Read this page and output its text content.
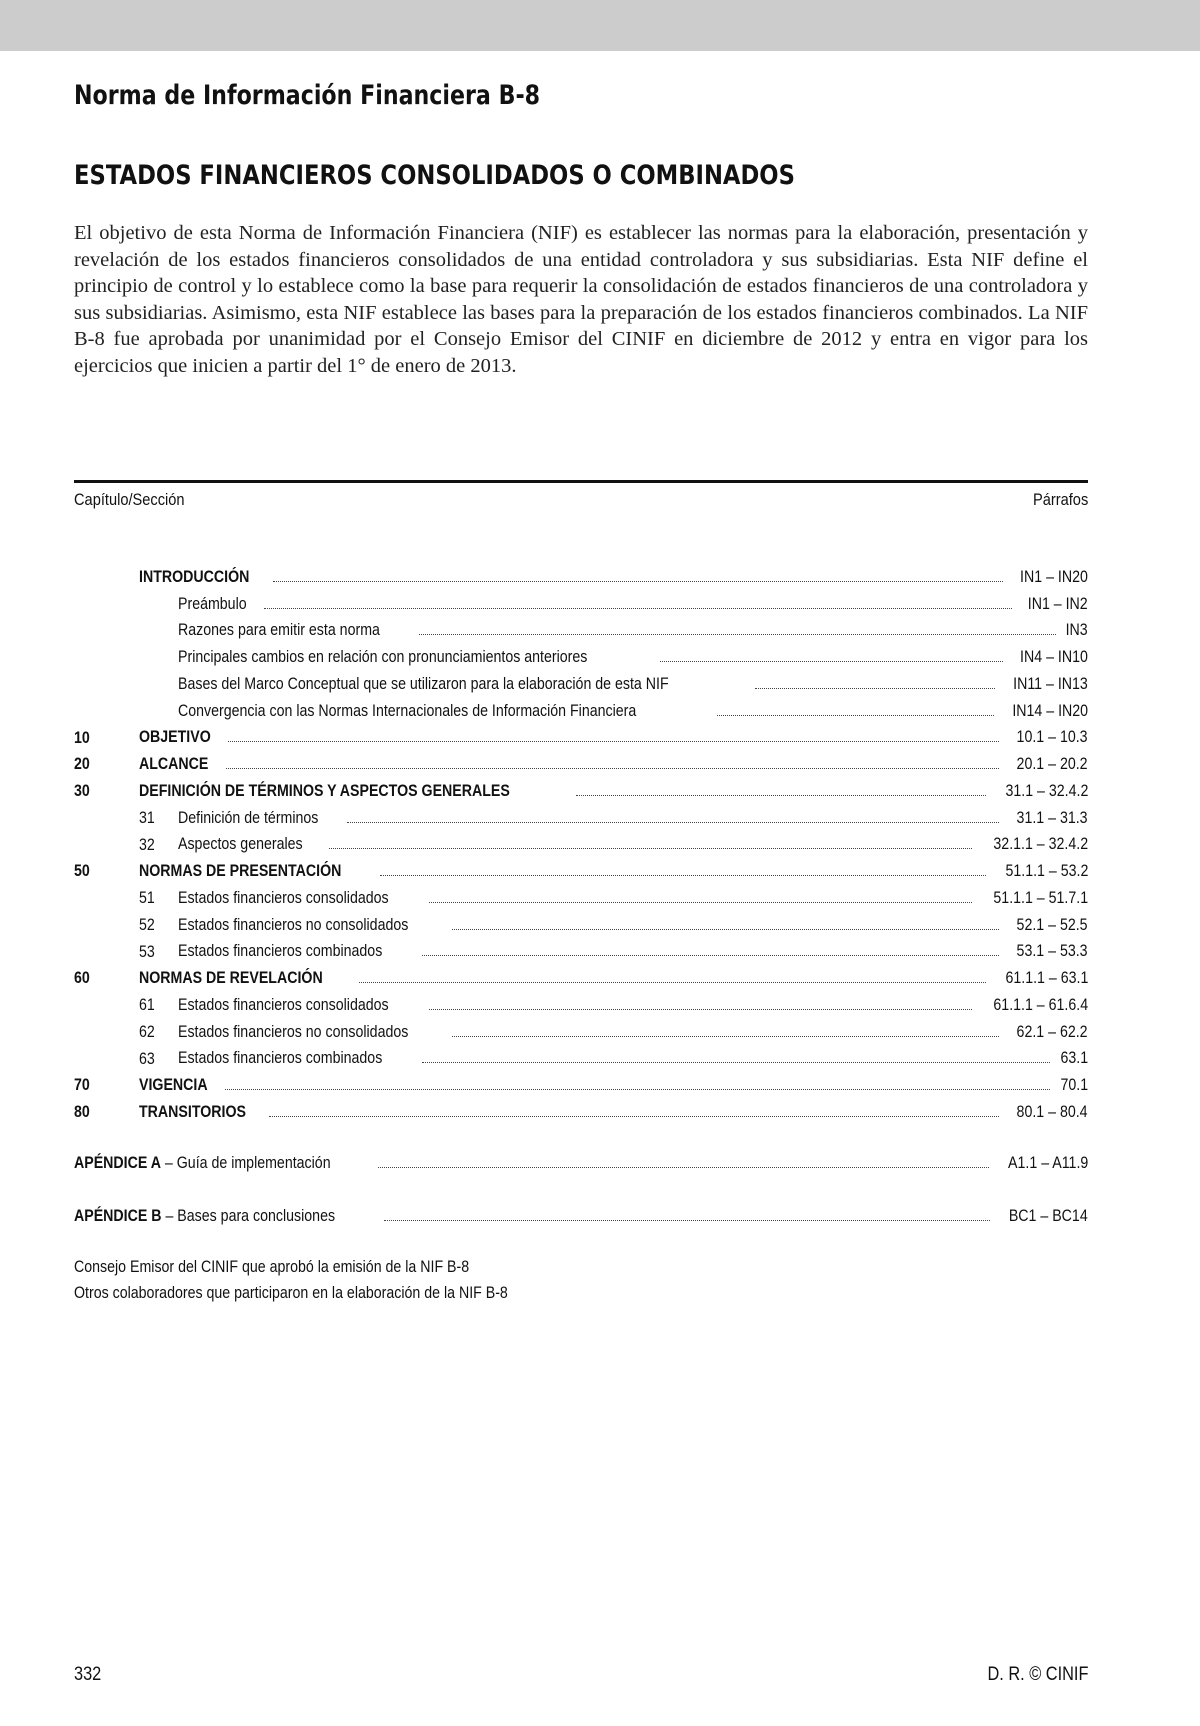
Norma de Información Financiera B-8
ESTADOS FINANCIEROS CONSOLIDADOS O COMBINADOS

El objetivo de esta Norma de Información Financiera (NIF) es establecer las normas para la elaboración, presentación y revelación de los estados financieros consolidados de una entidad controladora y sus subsidiarias. Esta NIF define el principio de control y lo establece como la base para requerir la consolidación de estados financieros de una controladora y sus subsidiarias. Asimismo, esta NIF establece las bases para la preparación de los estados financieros combinados. La NIF B-8 fue aprobada por unanimidad por el Consejo Emisor del CINIF en diciembre de 2012 y entra en vigor para los ejercicios que inicien a partir del 1° de enero de 2013.

Capítulo/Sección	Párrafos
INTRODUCCIÓN	IN1 – IN20
Preámbulo	IN1 – IN2
Razones para emitir esta norma	IN3
Principales cambios en relación con pronunciamientos anteriores	IN4 – IN10
Bases del Marco Conceptual que se utilizaron para la elaboración de esta NIF	IN11 – IN13
Convergencia con las Normas Internacionales de Información Financiera	IN14 – IN20
10	OBJETIVO	10.1 – 10.3
20	ALCANCE	20.1 – 20.2
30	DEFINICIÓN DE TÉRMINOS Y ASPECTOS GENERALES	31.1 – 32.4.2
31 Definición de términos	31.1 – 31.3
32 Aspectos generales	32.1.1 – 32.4.2
50	NORMAS DE PRESENTACIÓN	51.1.1 – 53.2
51 Estados financieros consolidados	51.1.1 – 51.7.1
52 Estados financieros no consolidados	52.1 – 52.5
53 Estados financieros combinados	53.1 – 53.3
60	NORMAS DE REVELACIÓN	61.1.1 – 63.1
61 Estados financieros consolidados	61.1.1 – 61.6.4
62 Estados financieros no consolidados	62.1 – 62.2
63 Estados financieros combinados	63.1
70	VIGENCIA	70.1
80	TRANSITORIOS	80.1 – 80.4
APÉNDICE A – Guía de implementación	A1.1 – A11.9
APÉNDICE B – Bases para conclusiones	BC1 – BC14
Consejo Emisor del CINIF que aprobó la emisión de la NIF B-8
Otros colaboradores que participaron en la elaboración de la NIF B-8
332	D. R. © CINIF
